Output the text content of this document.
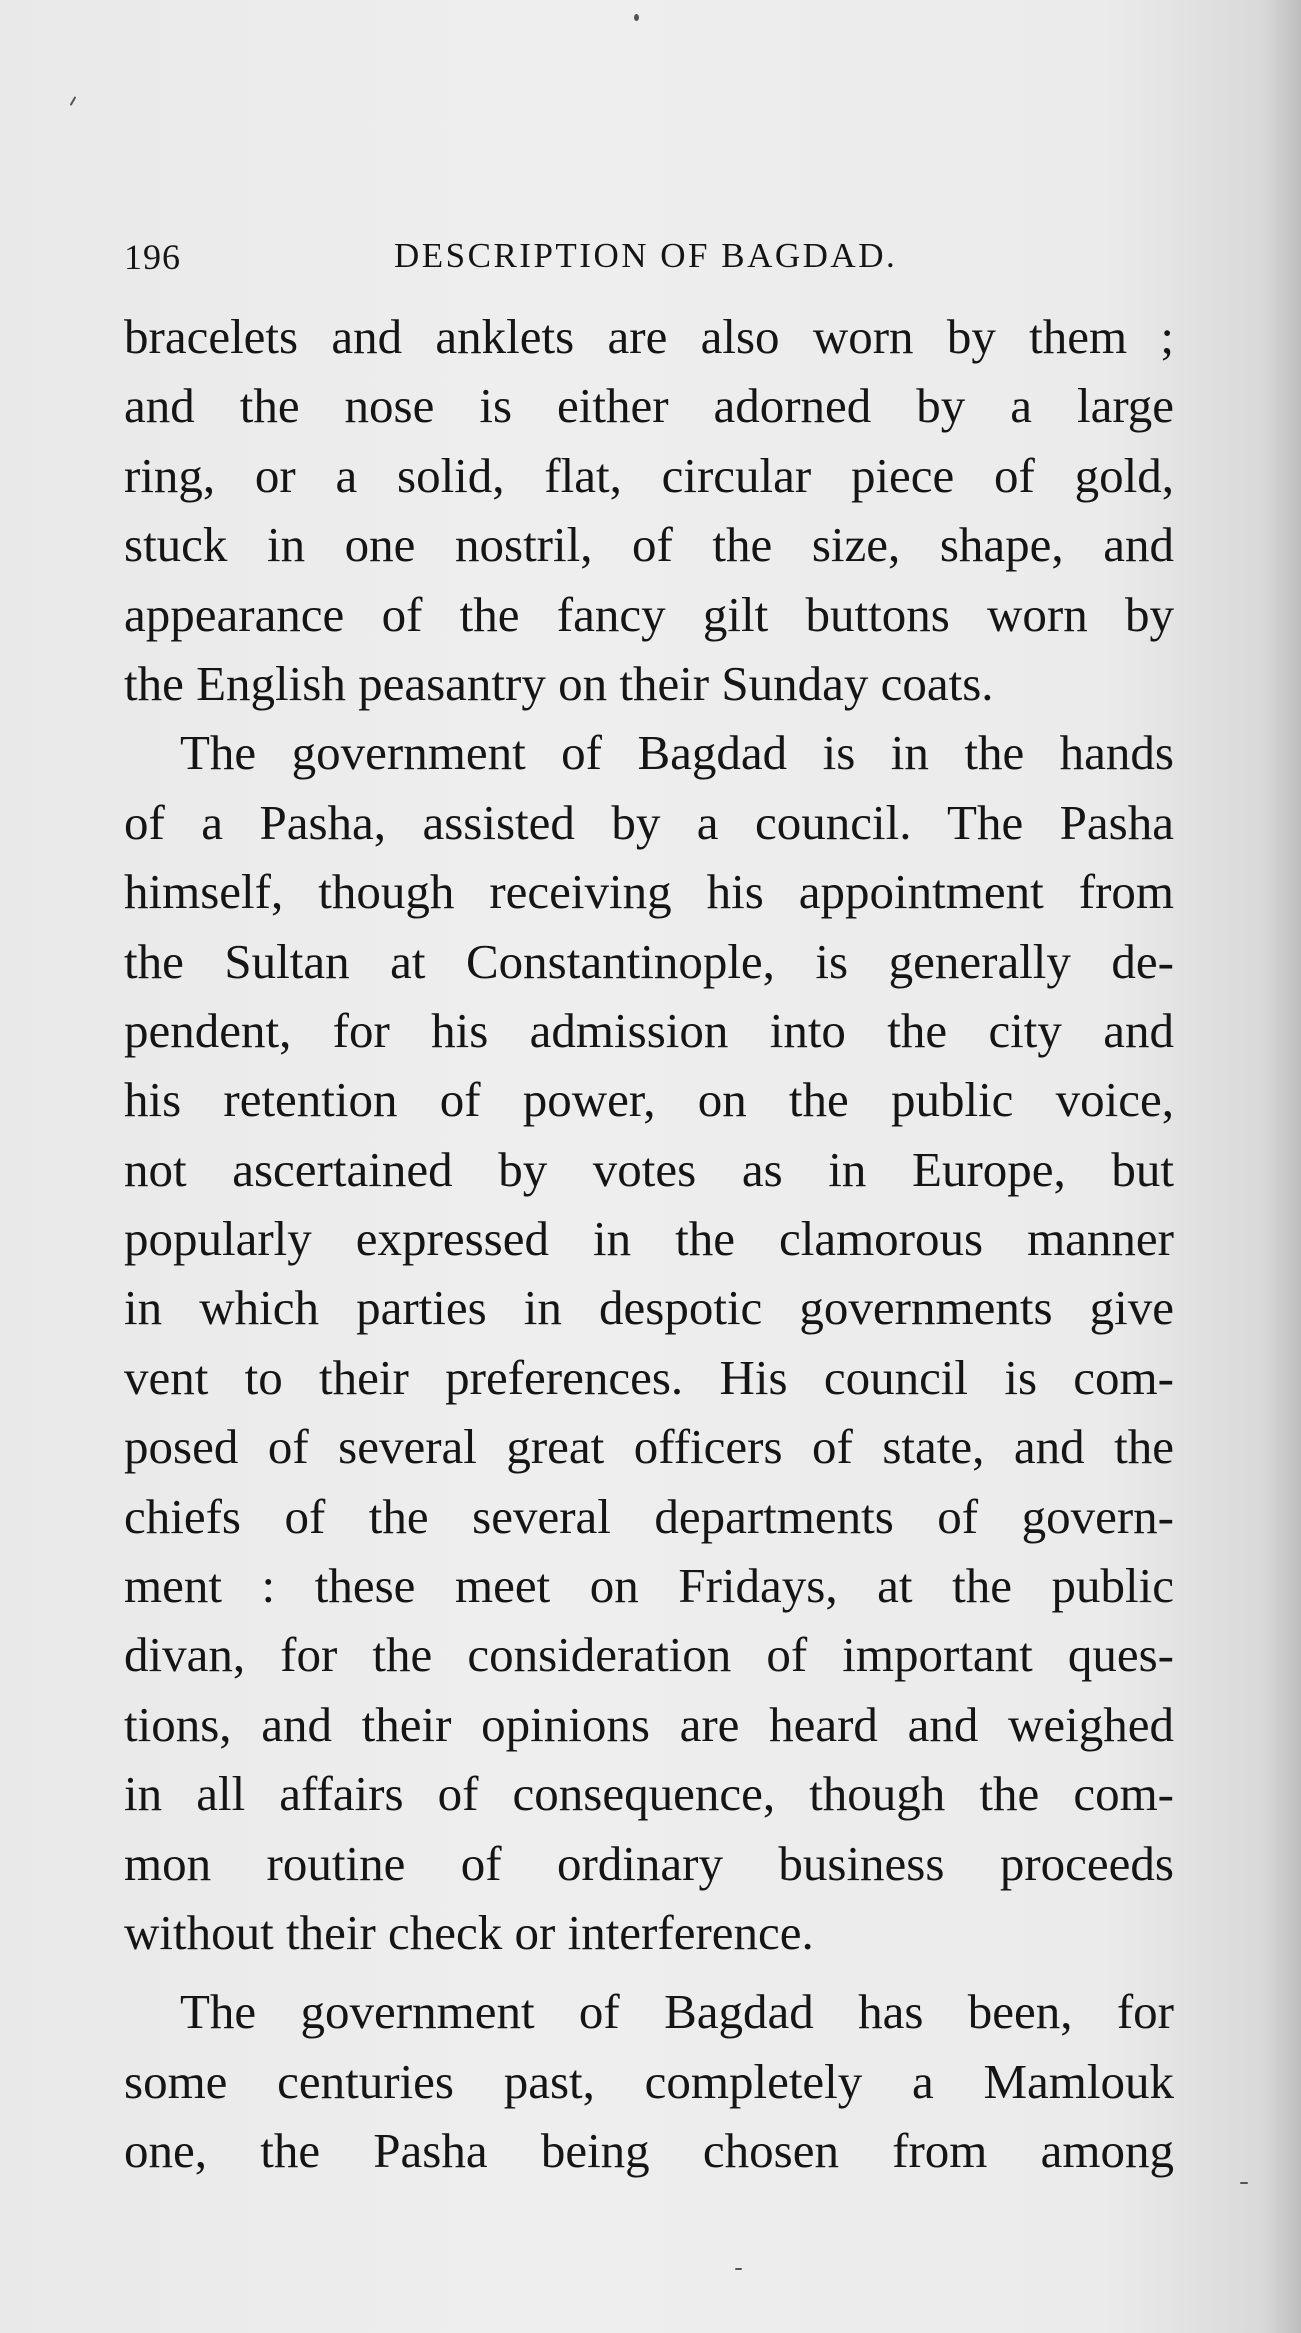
196	DESCRIPTION OF BAGDAD.
bracelets and anklets are also worn by them ;
and the nose is either adorned by a large
ring, or a solid, flat, circular piece of gold,
stuck in one nostril, of the size, shape, and
appearance of the fancy gilt buttons worn by
the English peasantry on their Sunday coats.
The government of Bagdad is in the hands
of a Pasha, assisted by a council. The Pasha
himself, though receiving his appointment from
the Sultan at Constantinople, is generally de-
pendent, for his admission into the city and
his retention of power, on the public voice,
not ascertained by votes as in Europe, but
popularly expressed in the clamorous manner
in which parties in despotic governments give
vent to their preferences. His council is com-
posed of several great officers of state, and the
chiefs of the several departments of govern-
ment : these meet on Fridays, at the public
divan, for the consideration of important ques-
tions, and their opinions are heard and weighed
in all affairs of consequence, though the com-
mon routine of ordinary business proceeds
without their check or interference.
The government of Bagdad has been, for
some centuries past, completely a Mamlouk
one, the Pasha being chosen from among
